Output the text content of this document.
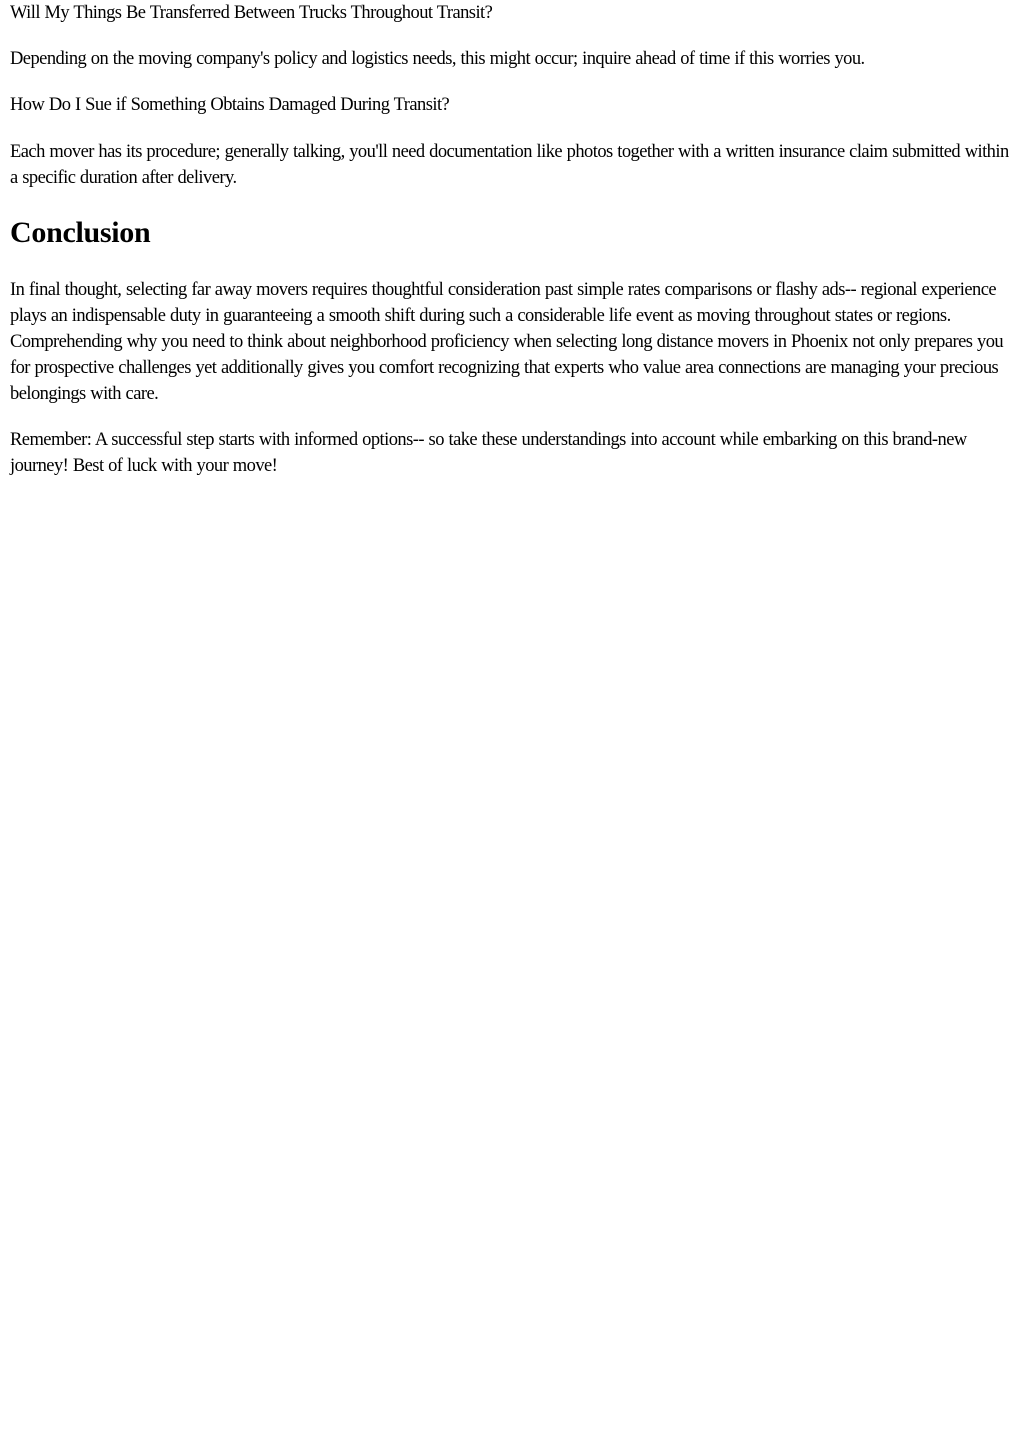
Will My Things Be Transferred Between Trucks Throughout Transit?

Depending on the moving company's policy and logistics needs, this might occur; inquire ahead of time if this worries you.

How Do I Sue if Something Obtains Damaged During Transit?

Each mover has its procedure; generally talking, you'll need documentation like photos together with a written insurance claim submitted within a specific duration after delivery.

Conclusion

In final thought, selecting far away movers requires thoughtful consideration past simple rates comparisons or flashy ads-- regional experience plays an indispensable duty in guaranteeing a smooth shift during such a considerable life event as moving throughout states or regions. Comprehending why you need to think about neighborhood proficiency when selecting long distance movers in Phoenix not only prepares you for prospective challenges yet additionally gives you comfort recognizing that experts who value area connections are managing your precious belongings with care.

Remember: A successful step starts with informed options-- so take these understandings into account while embarking on this brand-new journey! Best of luck with your move!
